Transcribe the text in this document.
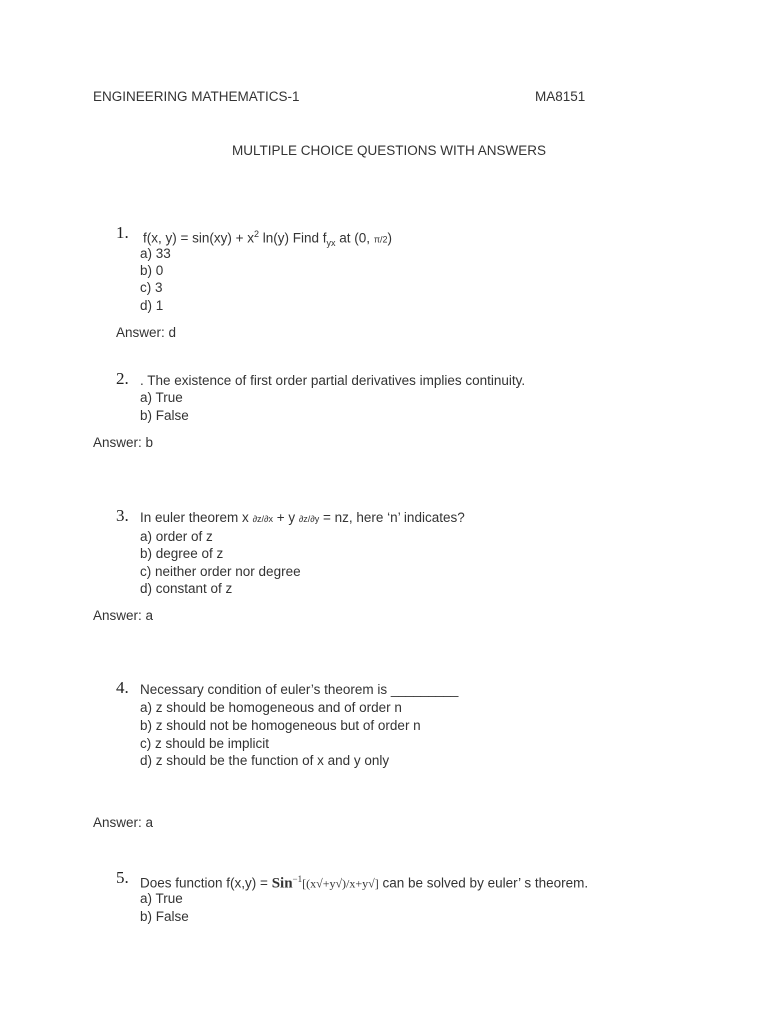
ENGINEERING MATHEMATICS-1	MA8151
MULTIPLE CHOICE QUESTIONS WITH ANSWERS
1. f(x, $y) = \sin(xy) + x^2$ ln(y) Find $f_{yx}$ at (0, π/2)
a) 33
b) 0
c) 3
d) 1
Answer: d
2. . The existence of first order partial derivatives implies continuity.
a) True
b) False
Answer: b
3. In euler theorem x ∂z/∂x + y ∂z/∂y = nz, here ‘n’ indicates?
a) order of z
b) degree of z
c) neither order nor degree
d) constant of z
Answer: a
4. Necessary condition of euler’s theorem is _________
a) z should be homogeneous and of order n
b) z should not be homogeneous but of order n
c) z should be implicit
d) z should be the function of x and y only
Answer: a
5. Does function f(x,y) = Sin$^{-1}$[(x√+y√)/x+y√] can be solved by euler’ s theorem.
a) True
b) False
